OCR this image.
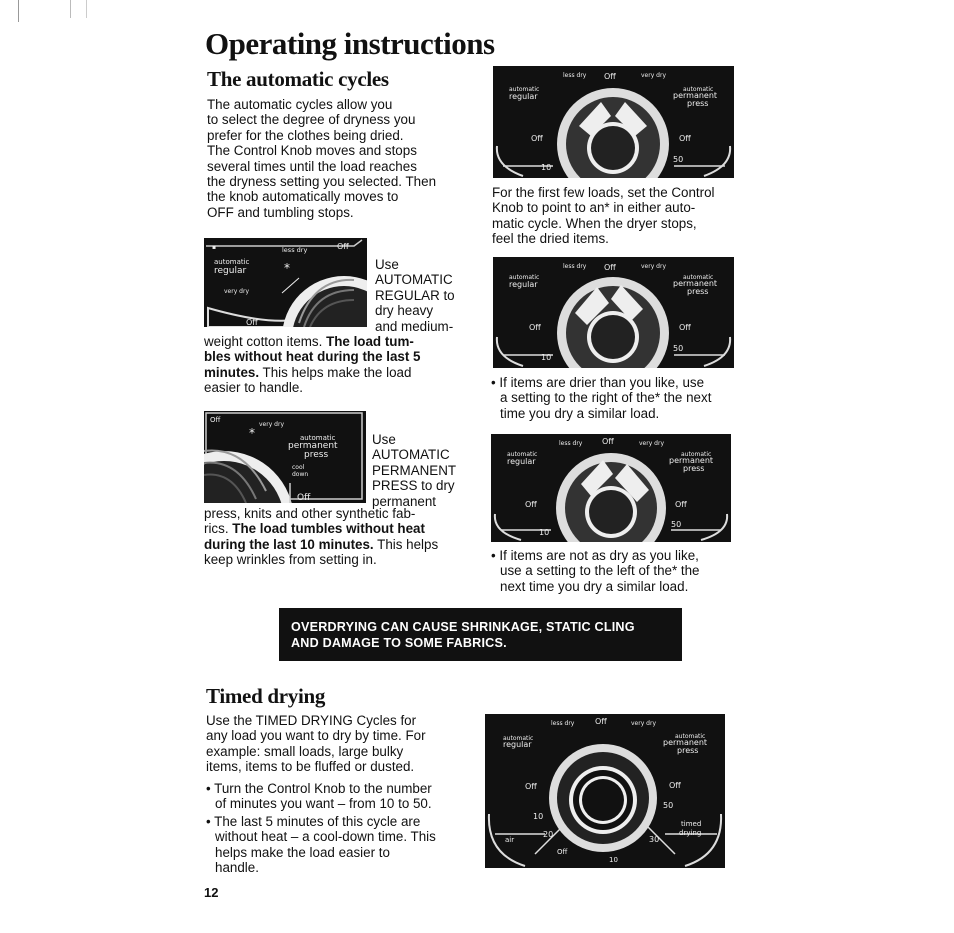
Operating instructions
The automatic cycles

The automatic cycles allow you

to select the degree of dryness you

prefer for the clothes being dried.

The Control Knob moves and stops

several times until the load reaches

the dryness setting you selected. Then

the knob automatically moves to

OFF and tumbling stops.

▪	less dry	Off
automatic
regular
very dry
*
Off

Use

AUTOMATIC

REGULAR to

dry heavy

and medium-

weight cotton items. The load tum-

bles without heat during the last 5

minutes. This helps make the load

easier to handle.

Off
very dry
*	automatic
permanent
press
cool
down
Off

Use

AUTOMATIC

PERMANENT

PRESS to dry

permanent

press, knits and other synthetic fab-

rics. The load tumbles without heat

during the last 10 minutes. This helps

keep wrinkles from setting in.

less dry Off	very dry
automatic
regular
automatic
permanent
press
Off	Off
10
50

For the first few loads, set the Control

Knob to point to an* in either auto-

matic cycle. When the dryer stops,

feel the dried items.

less dry Off	very dry
automatic
regular
automatic
permanent
press
Off	Off
10
50

• If items are drier than you like, use

a setting to the right of the* the next

time you dry a similar load.

less dry Off	very dry
automatic
regular
automatic
permanent
press
Off	Off
10
50

• If items are not as dry as you like,

use a setting to the left of the* the

next time you dry a similar load.

OVERDRYING CAN CAUSE SHRINKAGE, STATIC CLING
AND DAMAGE TO SOME FABRICS.
Timed drying

Use the TIMED DRYING Cycles for

any load you want to dry by time. For

example: small loads, large bulky

items, items to be fluffed or dusted.

• Turn the Control Knob to the number

of minutes you want – from 10 to 50.

• The last 5 minutes of this cycle are

without heat – a cool-down time. This

helps make the load easier to

handle.

less dry	Off	very dry
automatic
regular
automatic
permanent
press
Off	Off
50
10
20
air	30
timed
drying
Off
10
12
